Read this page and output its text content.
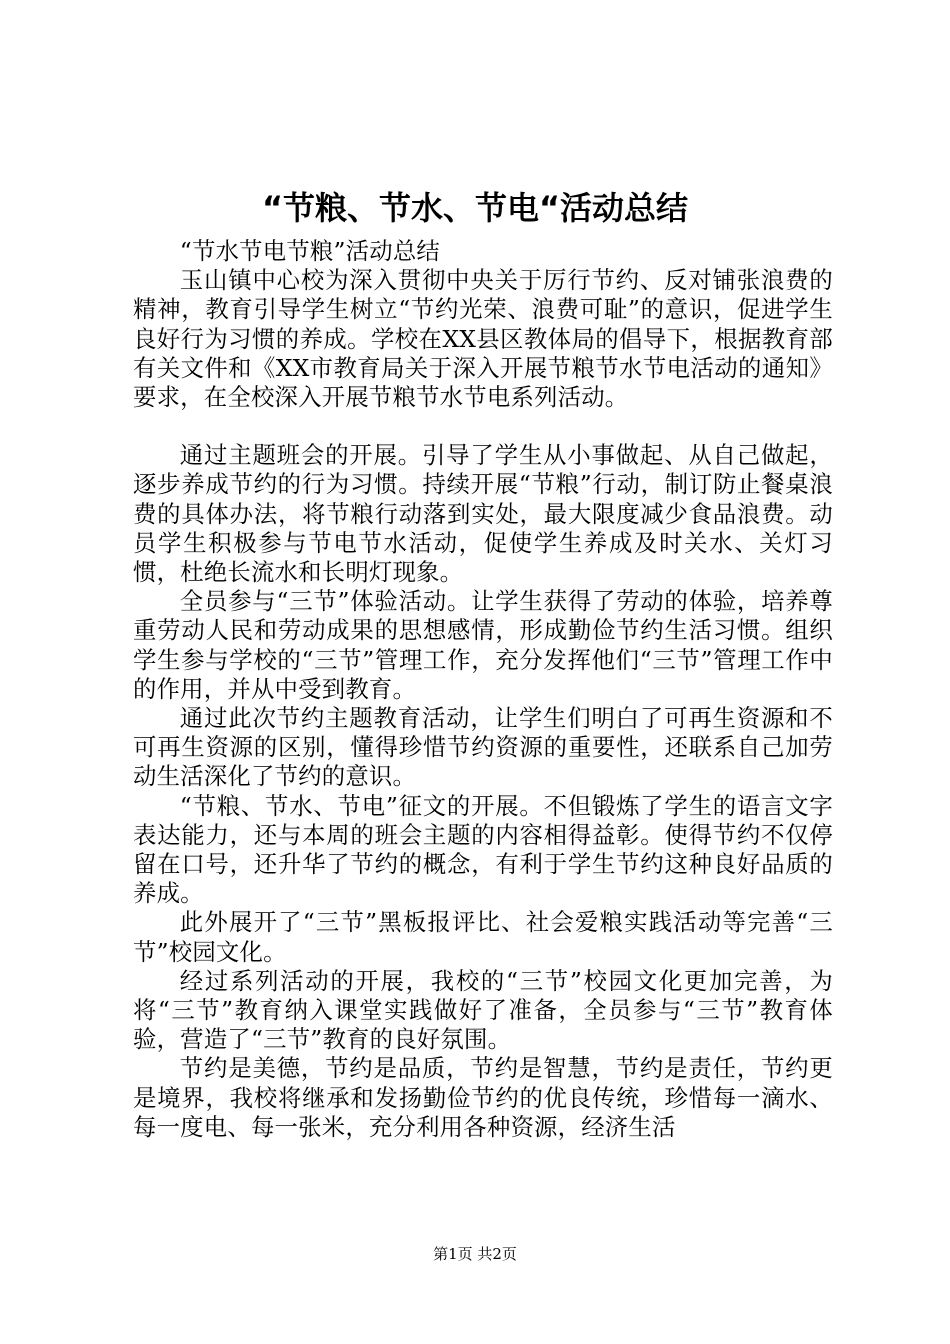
“节粮、节水、节电“活动总结

“节水节电节粮”活动总结

玉山镇中心校为深入贯彻中央关于厉行节约、反对铺张浪费的精神，教育引导学生树立“节约光荣、浪费可耻”的意识，促进学生良好行为习惯的养成。学校在XX县区教体局的倡导下，根据教育部有关文件和《XX市教育局关于深入开展节粮节水节电活动的通知》要求，在全校深入开展节粮节水节电系列活动。

通过主题班会的开展。引导了学生从小事做起、从自己做起，逐步养成节约的行为习惯。持续开展“节粮”行动，制订防止餐桌浪费的具体办法，将节粮行动落到实处，最大限度减少食品浪费。动员学生积极参与节电节水活动，促使学生养成及时关水、关灯习惯，杜绝长流水和长明灯现象。

全员参与“三节”体验活动。让学生获得了劳动的体验，培养尊重劳动人民和劳动成果的思想感情，形成勤俭节约生活习惯。组织学生参与学校的“三节”管理工作，充分发挥他们“三节”管理工作中的作用，并从中受到教育。

通过此次节约主题教育活动，让学生们明白了可再生资源和不可再生资源的区别，懂得珍惜节约资源的重要性，还联系自己加劳动生活深化了节约的意识。

“节粮、节水、节电”征文的开展。不但锻炼了学生的语言文字表达能力，还与本周的班会主题的内容相得益彰。使得节约不仅停留在口号，还升华了节约的概念，有利于学生节约这种良好品质的养成。

此外展开了“三节”黑板报评比、社会爱粮实践活动等完善“三节”校园文化。

经过系列活动的开展，我校的“三节”校园文化更加完善，为将“三节”教育纳入课堂实践做好了准备，全员参与“三节”教育体验，营造了“三节”教育的良好氛围。

节约是美德，节约是品质，节约是智慧，节约是责任，节约更是境界，我校将继承和发扬勤俭节约的优良传统，珍惜每一滴水、每一度电、每一张米，充分利用各种资源，经济生活

第1页 共2页
